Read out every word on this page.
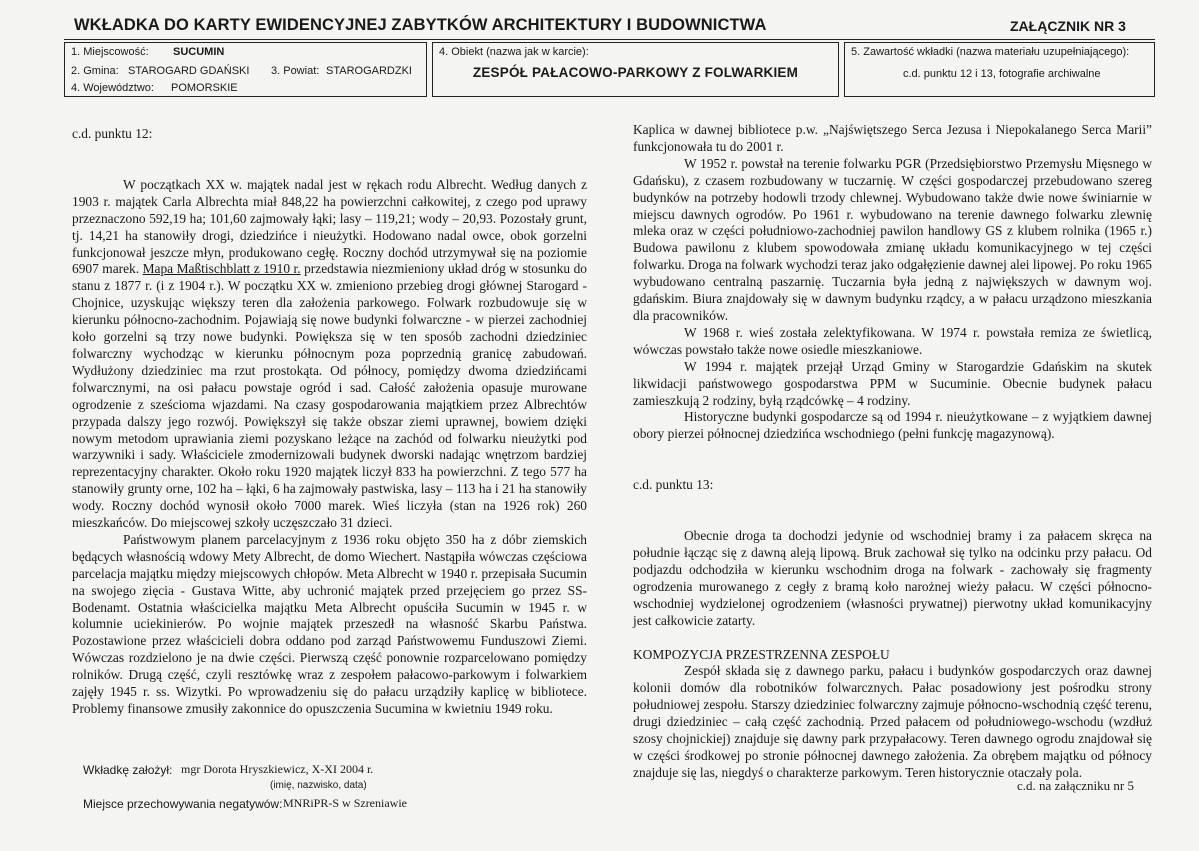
WKŁADKA DO KARTY EWIDENCYJNEJ ZABYTKÓW ARCHITEKTURY I BUDOWNICTWA	ZAŁĄCZNIK NR 3
1. Miejscowość: SUCUMIN
2. Gmina: STAROGARD GDAŃSKI 3. Powiat: STAROGARDZKI
4. Województwo: POMORSKIE
4. Obiekt (nazwa jak w karcie):
ZESPÓŁ PAŁACOWO-PARKOWY Z FOLWARKIEM
5. Zawartość wkładki (nazwa materiału uzupełniającego):
c.d. punktu 12 i 13, fotografie archiwalne

c.d. punktu 12:

W początkach XX w. majątek nadal jest w rękach rodu Albrecht. Według danych z 1903 r. majątek Carla Albrechta miał 848,22 ha powierzchni całkowitej, z czego pod uprawy przeznaczono 592,19 ha; 101,60 zajmowały łąki; lasy – 119,21; wody – 20,93. Pozostały grunt, tj. 14,21 ha stanowiły drogi, dziedzińce i nieużytki. Hodowano nadal owce, obok gorzelni funkcjonował jeszcze młyn, produkowano cegłę. Roczny dochód utrzymywał się na poziomie 6907 marek. Mapa Maßtischblatt z 1910 r. przedstawia niezmieniony układ dróg w stosunku do stanu z 1877 r. (i z 1904 r.). W początku XX w. zmieniono przebieg drogi głównej Starogard - Chojnice, uzyskując większy teren dla założenia parkowego. Folwark rozbudowuje się w kierunku północno-zachodnim. Pojawiają się nowe budynki folwarczne - w pierzei zachodniej koło gorzelni są trzy nowe budynki. Powiększa się w ten sposób zachodni dziedziniec folwarczny wychodząc w kierunku północnym poza poprzednią granicę zabudowań. Wydłużony dziedziniec ma rzut prostokąta. Od północy, pomiędzy dwoma dziedzińcami folwarcznymi, na osi pałacu powstaje ogród i sad. Całość założenia opasuje murowane ogrodzenie z sześcioma wjazdami. Na czasy gospodarowania majątkiem przez Albrechtów przypada dalszy jego rozwój. Powiększył się także obszar ziemi uprawnej, bowiem dzięki nowym metodom uprawiania ziemi pozyskano leżące na zachód od folwarku nieużytki pod warzywniki i sady. Właściciele zmodernizowali budynek dworski nadając wnętrzom bardziej reprezentacyjny charakter. Około roku 1920 majątek liczył 833 ha powierzchni. Z tego 577 ha stanowiły grunty orne, 102 ha – łąki, 6 ha zajmowały pastwiska, lasy – 113 ha i 21 ha stanowiły wody. Roczny dochód wynosił około 7000 marek. Wieś liczyła (stan na 1926 rok) 260 mieszkańców. Do miejscowej szkoły uczęszczało 31 dzieci.

Państwowym planem parcelacyjnym z 1936 roku objęto 350 ha z dóbr ziemskich będących własnością wdowy Mety Albrecht, de domo Wiechert. Nastąpiła wówczas częściowa parcelacja majątku między miejscowych chłopów. Meta Albrecht w 1940 r. przepisała Sucumin na swojego zięcia - Gustava Witte, aby uchronić majątek przed przejęciem go przez SS-Bodenamt. Ostatnia właścicielka majątku Meta Albrecht opuściła Sucumin w 1945 r. w kolumnie uciekinierów. Po wojnie majątek przeszedł na własność Skarbu Państwa. Pozostawione przez właścicieli dobra oddano pod zarząd Państwowemu Funduszowi Ziemi. Wówczas rozdzielono je na dwie części. Pierwszą część ponownie rozparcelowano pomiędzy rolników. Drugą część, czyli resztówkę wraz z zespołem pałacowo-parkowym i folwarkiem zajęły 1945 r. ss. Wizytki. Po wprowadzeniu się do pałacu urządziły kaplicę w bibliotece. Problemy finansowe zmusiły zakonnice do opuszczenia Sucumina w kwietniu 1949 roku.

Kaplica w dawnej bibliotece p.w. „Najświętszego Serca Jezusa i Niepokalanego Serca Marii” funkcjonowała tu do 2001 r.

W 1952 r. powstał na terenie folwarku PGR (Przedsiębiorstwo Przemysłu Mięsnego w Gdańsku), z czasem rozbudowany w tuczarnię. W części gospodarczej przebudowano szereg budynków na potrzeby hodowli trzody chlewnej. Wybudowano także dwie nowe świniarnie w miejscu dawnych ogrodów. Po 1961 r. wybudowano na terenie dawnego folwarku zlewnię mleka oraz w części południowo-zachodniej pawilon handlowy GS z klubem rolnika (1965 r.) Budowa pawilonu z klubem spowodowała zmianę układu komunikacyjnego w tej części folwarku. Droga na folwark wychodzi teraz jako odgałęzienie dawnej alei lipowej. Po roku 1965 wybudowano centralną paszarnię. Tuczarnia była jedną z największych w dawnym woj. gdańskim. Biura znajdowały się w dawnym budynku rządcy, a w pałacu urządzono mieszkania dla pracowników.

W 1968 r. wieś została zelektyfikowana. W 1974 r. powstała remiza ze świetlicą, wówczas powstało także nowe osiedle mieszkaniowe.

W 1994 r. majątek przejął Urząd Gminy w Starogardzie Gdańskim na skutek likwidacji państwowego gospodarstwa PPM w Sucuminie. Obecnie budynek pałacu zamieszkują 2 rodziny, byłą rządcówkę – 4 rodziny.

Historyczne budynki gospodarcze są od 1994 r. nieużytkowane – z wyjątkiem dawnej obory pierzei północnej dziedzińca wschodniego (pełni funkcję magazynową).

c.d. punktu 13:

Obecnie droga ta dochodzi jedynie od wschodniej bramy i za pałacem skręca na południe łącząc się z dawną aleją lipową. Bruk zachował się tylko na odcinku przy pałacu. Od podjazdu odchodziła w kierunku wschodnim droga na folwark - zachowały się fragmenty ogrodzenia murowanego z cegły z bramą koło narożnej wieży pałacu. W części północno-wschodniej wydzielonej ogrodzeniem (własności prywatnej) pierwotny układ komunikacyjny jest całkowicie zatarty.

KOMPOZYCJA PRZESTRZENNA ZESPOŁU

Zespół składa się z dawnego parku, pałacu i budynków gospodarczych oraz dawnej kolonii domów dla robotników folwarcznych. Pałac posadowiony jest pośrodku strony południowej zespołu. Starszy dziedziniec folwarczny zajmuje północno-wschodnią część terenu, drugi dziedziniec – całą część zachodnią. Przed pałacem od południowego-wschodu (wzdłuż szosy chojnickiej) znajduje się dawny park przypałacowy. Teren dawnego ogrodu znajdował się w części środkowej po stronie północnej dawnego założenia. Za obrębem majątku od północy znajduje się las, niegdyś o charakterze parkowym. Teren historycznie otaczały pola.

c.d. na załączniku nr 5
Wkładkę założył: mgr Dorota Hryszkiewicz, X-XI 2004 r.
(imię, nazwisko, data)
Miejsce przechowywania negatywów: MNRiPR-S w Szreniawie
